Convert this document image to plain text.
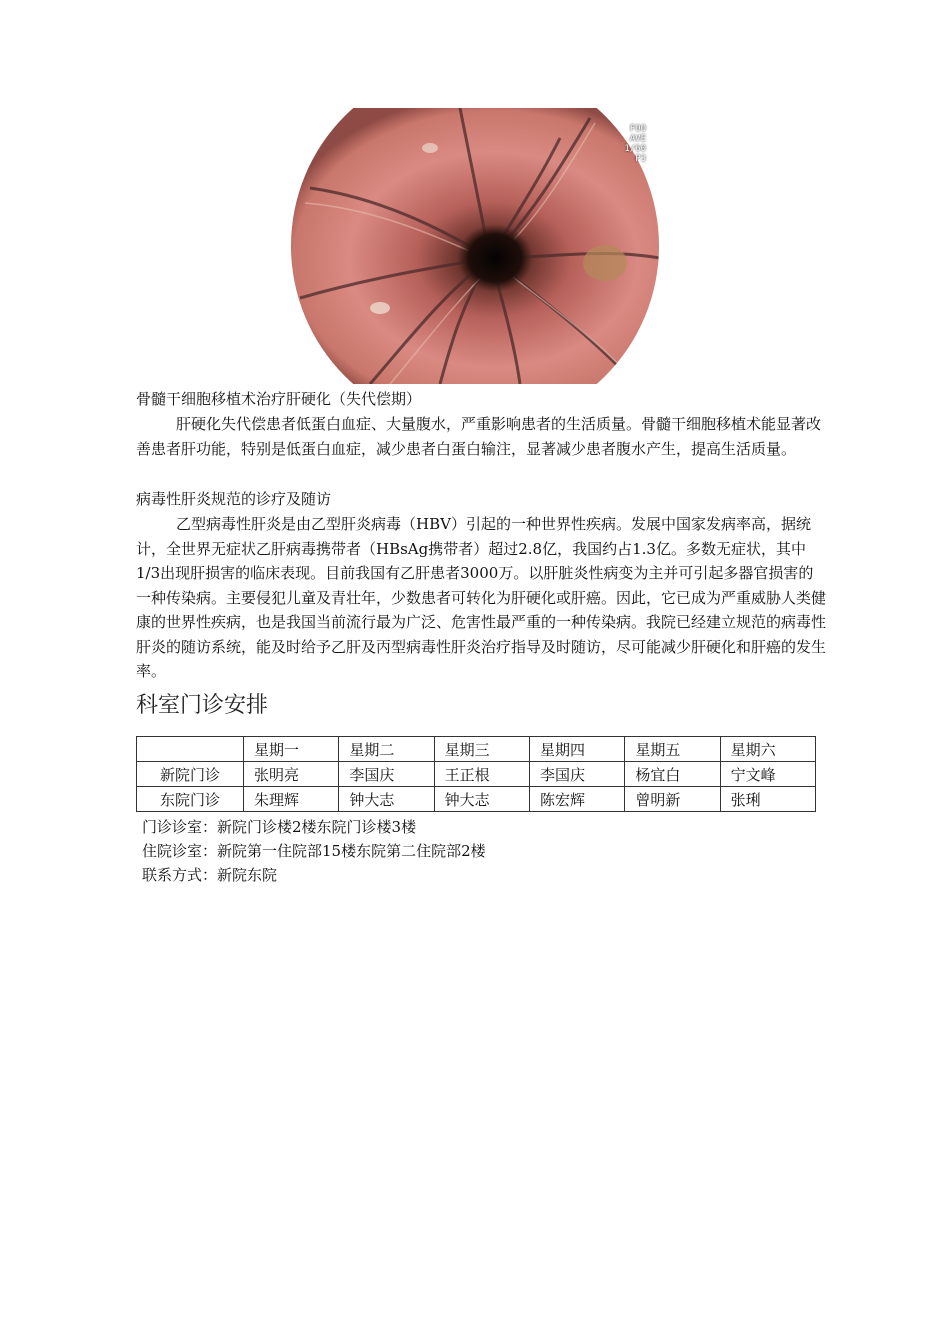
FOO
AVE
1/60
P3
骨髓干细胞移植术治疗肝硬化（失代偿期）
肝硬化失代偿患者低蛋白血症、大量腹水，严重影响患者的生活质量。骨髓干细胞移植术能显著改善患者肝功能，特别是低蛋白血症，减少患者白蛋白输注，显著减少患者腹水产生，提高生活质量。
病毒性肝炎规范的诊疗及随访
乙型病毒性肝炎是由乙型肝炎病毒（HBV）引起的一种世界性疾病。发展中国家发病率高，据统计，全世界无症状乙肝病毒携带者（HBsAg携带者）超过2.8亿，我国约占1.3亿。多数无症状，其中1/3出现肝损害的临床表现。目前我国有乙肝患者3000万。以肝脏炎性病变为主并可引起多器官损害的一种传染病。主要侵犯儿童及青壮年，少数患者可转化为肝硬化或肝癌。因此，它已成为严重威胁人类健康的世界性疾病，也是我国当前流行最为广泛、危害性最严重的一种传染病。我院已经建立规范的病毒性肝炎的随访系统，能及时给予乙肝及丙型病毒性肝炎治疗指导及时随访，尽可能减少肝硬化和肝癌的发生率。
科室门诊安排
	星期一	星期二	星期三	星期四	星期五	星期六
新院门诊	张明亮	李国庆	王正根	李国庆	杨宜白	宁文峰
东院门诊	朱理辉	钟大志	钟大志	陈宏辉	曾明新	张琍
门诊诊室：新院门诊楼2楼东院门诊楼3楼
住院诊室：新院第一住院部15楼东院第二住院部2楼
联系方式：新院东院
